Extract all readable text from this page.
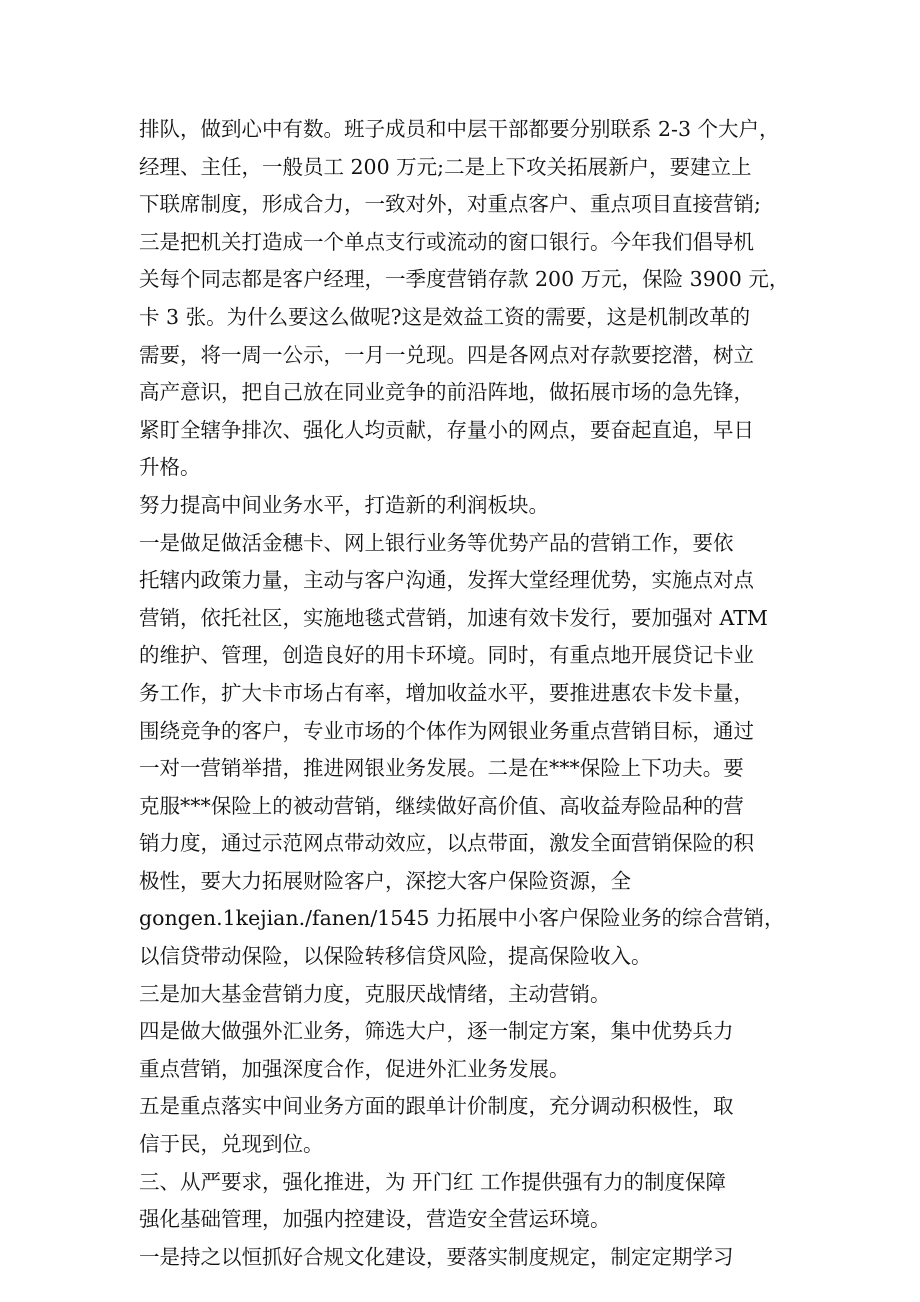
排队，做到心中有数。班子成员和中层干部都要分别联系 2-3 个大户，
经理、主任，一般员工 200 万元;二是上下攻关拓展新户，要建立上
下联席制度，形成合力，一致对外，对重点客户、重点项目直接营销;
三是把机关打造成一个单点支行或流动的窗口银行。今年我们倡导机
关每个同志都是客户经理，一季度营销存款 200 万元，保险 3900 元，
卡 3 张。为什么要这么做呢?这是效益工资的需要，这是机制改革的
需要，将一周一公示，一月一兑现。四是各网点对存款要挖潜，树立
高产意识，把自己放在同业竞争的前沿阵地，做拓展市场的急先锋，
紧盯全辖争排次、强化人均贡献，存量小的网点，要奋起直追，早日
升格。
努力提高中间业务水平，打造新的利润板块。
一是做足做活金穗卡、网上银行业务等优势产品的营销工作，要依
托辖内政策力量，主动与客户沟通，发挥大堂经理优势，实施点对点
营销，依托社区，实施地毯式营销，加速有效卡发行，要加强对 ATM
的维护、管理，创造良好的用卡环境。同时，有重点地开展贷记卡业
务工作，扩大卡市场占有率，增加收益水平，要推进惠农卡发卡量，
围绕竞争的客户，专业市场的个体作为网银业务重点营销目标，通过
一对一营销举措，推进网银业务发展。二是在***保险上下功夫。要
克服***保险上的被动营销，继续做好高价值、高收益寿险品种的营
销力度，通过示范网点带动效应，以点带面，激发全面营销保险的积
极性，要大力拓展财险客户，深挖大客户保险资源，全
gongen.1kejian./fanen/1545 力拓展中小客户保险业务的综合营销，
以信贷带动保险，以保险转移信贷风险，提高保险收入。
三是加大基金营销力度，克服厌战情绪，主动营销。
四是做大做强外汇业务，筛选大户，逐一制定方案，集中优势兵力
重点营销，加强深度合作，促进外汇业务发展。
五是重点落实中间业务方面的跟单计价制度，充分调动积极性，取
信于民，兑现到位。
三、从严要求，强化推进，为 开门红 工作提供强有力的制度保障
强化基础管理，加强内控建设，营造安全营运环境。
一是持之以恒抓好合规文化建设，要落实制度规定，制定定期学习
